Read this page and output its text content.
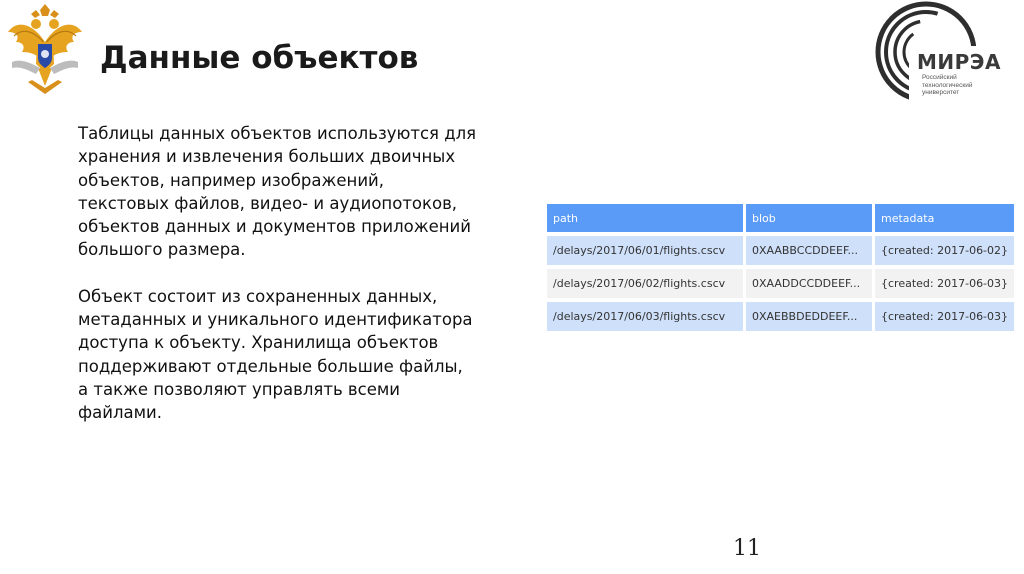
Данные объектов	МИРЭА
Российский технологический университет

Таблицы данных объектов используются для хранения и извлечения больших двоичных объектов, например изображений, текстовых файлов, видео- и аудиопотоков, объектов данных и документов приложений большого размера.

Объект состоит из сохраненных данных, метаданных и уникального идентификатора доступа к объекту. Хранилища объектов поддерживают отдельные большие файлы, а также позволяют управлять всеми файлами.

path	blob	metadata
/delays/2017/06/01/flights.cscv	0XAABBCCDDEEF...	{created: 2017-06-02}
/delays/2017/06/02/flights.cscv	0XAADDCCDDEEF...	{created: 2017-06-03}
/delays/2017/06/03/flights.cscv	0XAEBBDEDDEEF...	{created: 2017-06-03}
11
